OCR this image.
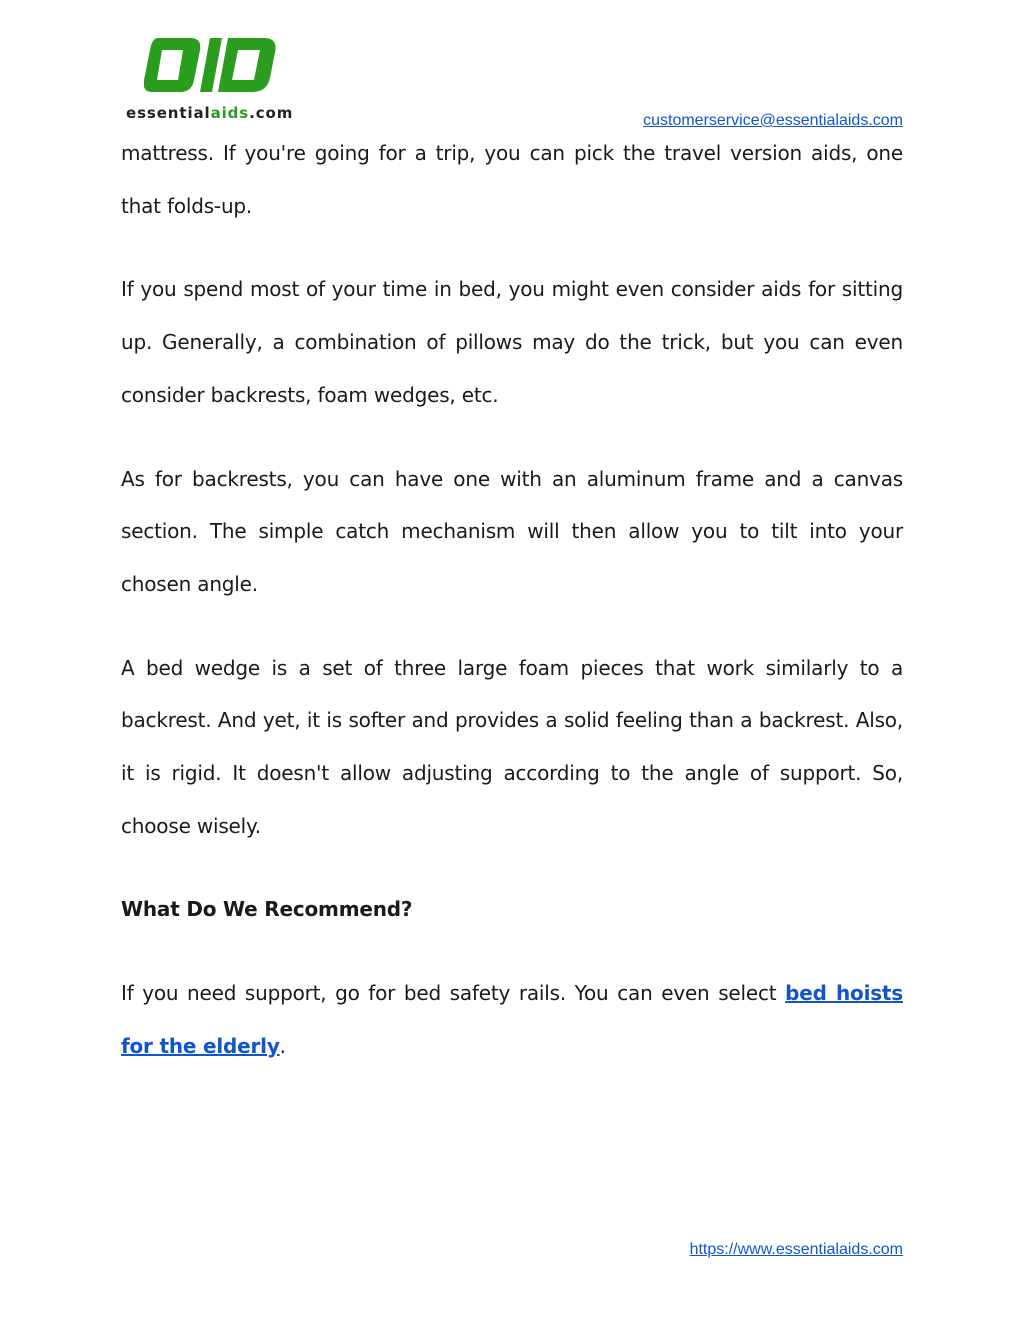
essentialaids.com	customerservice@essentialaids.com

mattress. If you're going for a trip, you can pick the travel version aids, one that folds-up.

If you spend most of your time in bed, you might even consider aids for sitting up. Generally, a combination of pillows may do the trick, but you can even consider backrests, foam wedges, etc.

As for backrests, you can have one with an aluminum frame and a canvas section. The simple catch mechanism will then allow you to tilt into your chosen angle.

A bed wedge is a set of three large foam pieces that work similarly to a backrest. And yet, it is softer and provides a solid feeling than a backrest. Also, it is rigid. It doesn't allow adjusting according to the angle of support. So, choose wisely.

What Do We Recommend?

If you need support, go for bed safety rails. You can even select bed hoists for the elderly.

https://www.essentialaids.com
